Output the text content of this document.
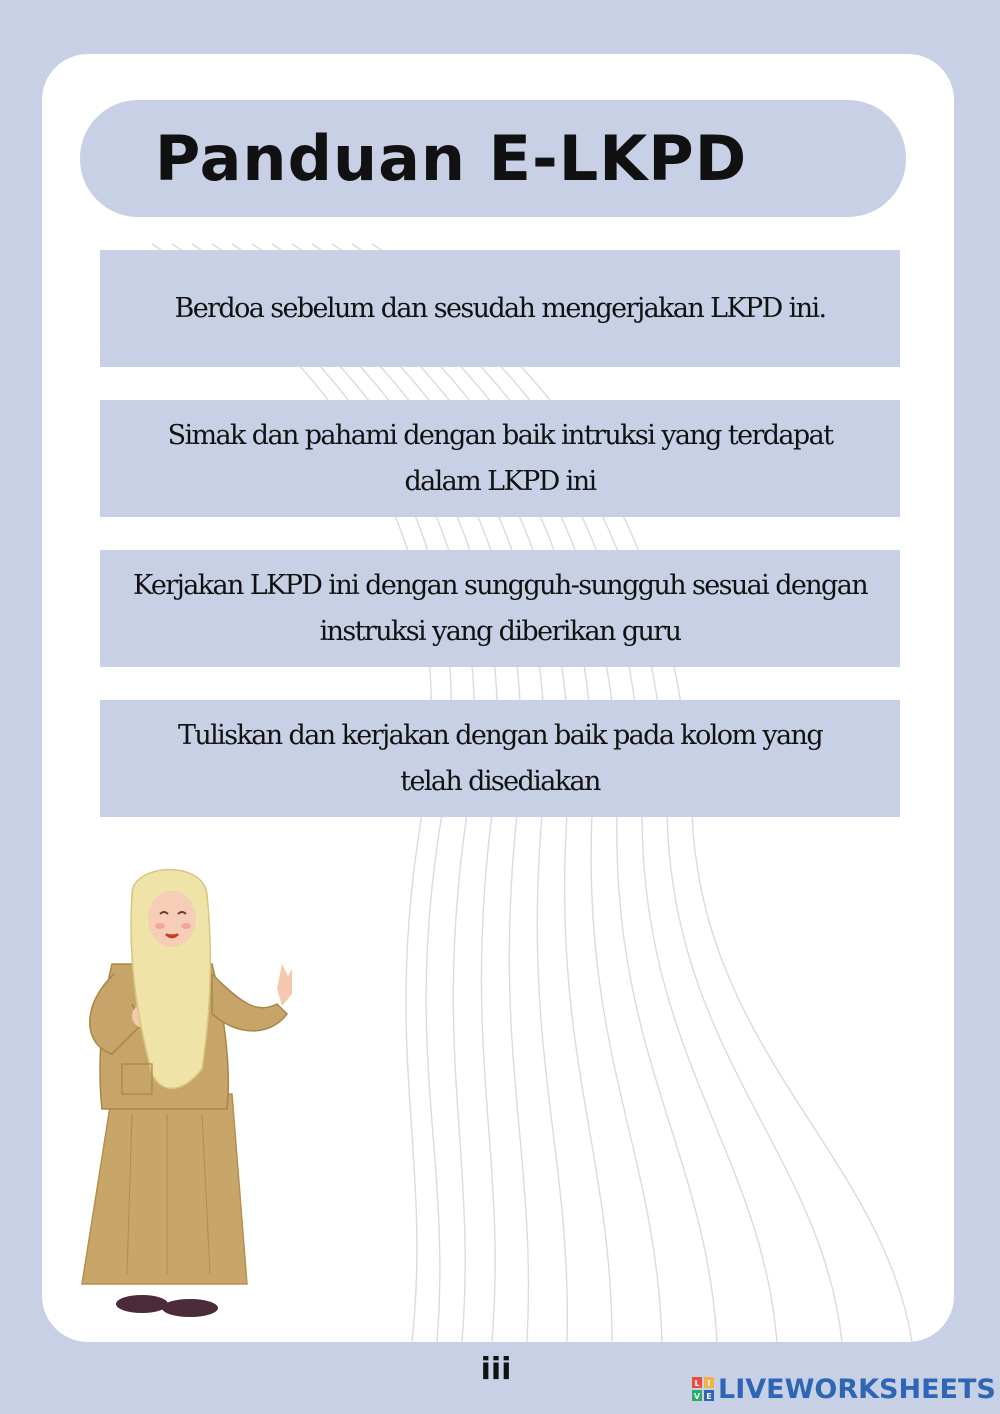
Panduan E-LKPD

Berdoa sebelum dan sesudah mengerjakan LKPD ini.

Simak dan pahami dengan baik intruksi yang terdapat
dalam LKPD ini

Kerjakan LKPD ini dengan sungguh-sungguh sesuai dengan
instruksi yang diberikan guru

Tuliskan dan kerjakan dengan baik pada kolom yang
telah disediakan

iii	L I
V E LIVEWORKSHEETS
